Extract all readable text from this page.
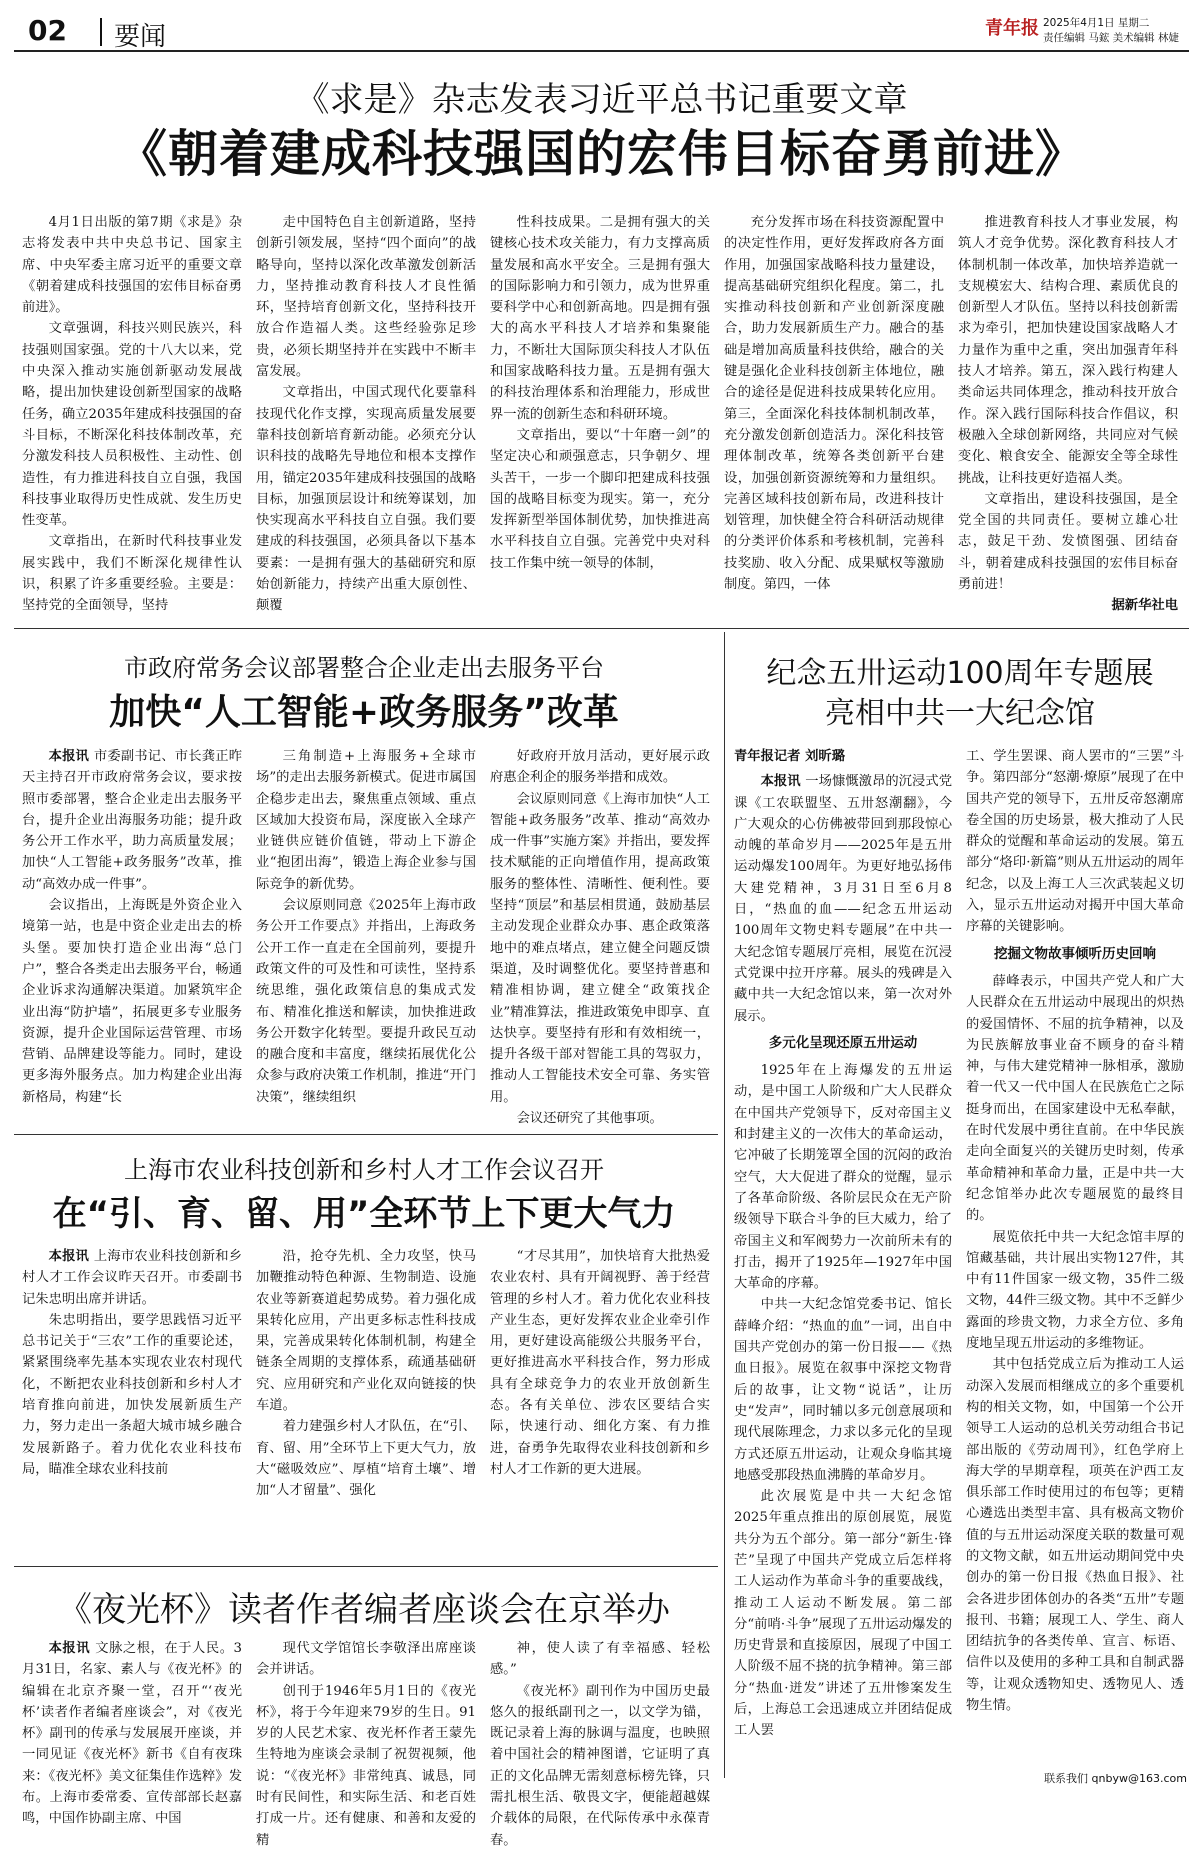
02 要闻	青年报 2025年4月1日 星期二
责任编辑 马鋐 美术编辑 林婕
《求是》杂志发表习近平总书记重要文章
《朝着建成科技强国的宏伟目标奋勇前进》

4月1日出版的第7期《求是》杂志将发表中共中央总书记、国家主席、中央军委主席习近平的重要文章《朝着建成科技强国的宏伟目标奋勇前进》。

文章强调，科技兴则民族兴，科技强则国家强。党的十八大以来，党中央深入推动实施创新驱动发展战略，提出加快建设创新型国家的战略任务，确立2035年建成科技强国的奋斗目标，不断深化科技体制改革，充分激发科技人员积极性、主动性、创造性，有力推进科技自立自强，我国科技事业取得历史性成就、发生历史性变革。

文章指出，在新时代科技事业发展实践中，我们不断深化规律性认识，积累了许多重要经验。主要是：坚持党的全面领导，坚持

走中国特色自主创新道路，坚持创新引领发展，坚持“四个面向”的战略导向，坚持以深化改革激发创新活力，坚持推动教育科技人才良性循环，坚持培育创新文化，坚持科技开放合作造福人类。这些经验弥足珍贵，必须长期坚持并在实践中不断丰富发展。

文章指出，中国式现代化要靠科技现代化作支撑，实现高质量发展要靠科技创新培育新动能。必须充分认识科技的战略先导地位和根本支撑作用，锚定2035年建成科技强国的战略目标，加强顶层设计和统筹谋划，加快实现高水平科技自立自强。我们要建成的科技强国，必须具备以下基本要素：一是拥有强大的基础研究和原始创新能力，持续产出重大原创性、颠覆

性科技成果。二是拥有强大的关键核心技术攻关能力，有力支撑高质量发展和高水平安全。三是拥有强大的国际影响力和引领力，成为世界重要科学中心和创新高地。四是拥有强大的高水平科技人才培养和集聚能力，不断壮大国际顶尖科技人才队伍和国家战略科技力量。五是拥有强大的科技治理体系和治理能力，形成世界一流的创新生态和科研环境。

文章指出，要以“十年磨一剑”的坚定决心和顽强意志，只争朝夕、埋头苦干，一步一个脚印把建成科技强国的战略目标变为现实。第一，充分发挥新型举国体制优势，加快推进高水平科技自立自强。完善党中央对科技工作集中统一领导的体制，

充分发挥市场在科技资源配置中的决定性作用，更好发挥政府各方面作用，加强国家战略科技力量建设，提高基础研究组织化程度。第二，扎实推动科技创新和产业创新深度融合，助力发展新质生产力。融合的基础是增加高质量科技供给，融合的关键是强化企业科技创新主体地位，融合的途径是促进科技成果转化应用。第三，全面深化科技体制机制改革，充分激发创新创造活力。深化科技管理体制改革，统筹各类创新平台建设，加强创新资源统筹和力量组织。完善区域科技创新布局，改进科技计划管理，加快健全符合科研活动规律的分类评价体系和考核机制，完善科技奖励、收入分配、成果赋权等激励制度。第四，一体

推进教育科技人才事业发展，构筑人才竞争优势。深化教育科技人才体制机制一体改革，加快培养造就一支规模宏大、结构合理、素质优良的创新型人才队伍。坚持以科技创新需求为牵引，把加快建设国家战略人才力量作为重中之重，突出加强青年科技人才培养。第五，深入践行构建人类命运共同体理念，推动科技开放合作。深入践行国际科技合作倡议，积极融入全球创新网络，共同应对气候变化、粮食安全、能源安全等全球性挑战，让科技更好造福人类。

文章指出，建设科技强国，是全党全国的共同责任。要树立雄心壮志，鼓足干劲、发愤图强、团结奋斗，朝着建成科技强国的宏伟目标奋勇前进！

据新华社电
市政府常务会议部署整合企业走出去服务平台
加快“人工智能+政务服务”改革

本报讯 市委副书记、市长龚正昨天主持召开市政府常务会议，要求按照市委部署，整合企业走出去服务平台，提升企业出海服务功能；提升政务公开工作水平，助力高质量发展；加快“人工智能+政务服务”改革，推动“高效办成一件事”。

会议指出，上海既是外资企业入境第一站，也是中资企业走出去的桥头堡。要加快打造企业出海“总门户”，整合各类走出去服务平台，畅通企业诉求沟通解决渠道。加紧筑牢企业出海“防护墙”，拓展更多专业服务资源，提升企业国际运营管理、市场营销、品牌建设等能力。同时，建设更多海外服务点。加力构建企业出海新格局，构建“长

三角制造+上海服务+全球市场”的走出去服务新模式。促进市属国企稳步走出去，聚焦重点领域、重点区域加大投资布局，深度嵌入全球产业链供应链价值链，带动上下游企业“抱团出海”，锻造上海企业参与国际竞争的新优势。

会议原则同意《2025年上海市政务公开工作要点》并指出，上海政务公开工作一直走在全国前列，要提升政策文件的可及性和可读性，坚持系统思维，强化政策信息的集成式发布、精准化推送和解读，加快推进政务公开数字化转型。要提升政民互动的融合度和丰富度，继续拓展优化公众参与政府决策工作机制，推进“开门决策”，继续组织

好政府开放月活动，更好展示政府惠企利企的服务举措和成效。

会议原则同意《上海市加快“人工智能+政务服务”改革、推动“高效办成一件事”实施方案》并指出，要发挥技术赋能的正向增值作用，提高政策服务的整体性、清晰性、便利性。要坚持“顶层”和基层相贯通，鼓励基层主动发现企业群众办事、惠企政策落地中的难点堵点，建立健全问题反馈渠道，及时调整优化。要坚持普惠和精准相协调，建立健全“政策找企业”精准算法，推进政策免申即享、直达快享。要坚持有形和有效相统一，提升各级干部对智能工具的驾驭力，推动人工智能技术安全可靠、务实管用。

会议还研究了其他事项。

上海市农业科技创新和乡村人才工作会议召开
在“引、育、留、用”全环节上下更大气力

本报讯 上海市农业科技创新和乡村人才工作会议昨天召开。市委副书记朱忠明出席并讲话。

朱忠明指出，要学思践悟习近平总书记关于“三农”工作的重要论述，紧紧围绕率先基本实现农业农村现代化，不断把农业科技创新和乡村人才培育推向前进，加快发展新质生产力，努力走出一条超大城市城乡融合发展新路子。着力优化农业科技布局，瞄准全球农业科技前

沿，抢夺先机、全力攻坚，快马加鞭推动特色种源、生物制造、设施农业等新赛道起势成势。着力强化成果转化应用，产出更多标志性科技成果，完善成果转化体制机制，构建全链条全周期的支撑体系，疏通基础研究、应用研究和产业化双向链接的快车道。

着力建强乡村人才队伍，在“引、育、留、用”全环节上下更大气力，放大“磁吸效应”、厚植“培育土壤”、增加“人才留量”、强化

“才尽其用”，加快培育大批热爱农业农村、具有开阔视野、善于经营管理的乡村人才。着力优化农业科技产业生态，更好发挥农业企业牵引作用，更好建设高能级公共服务平台，更好推进高水平科技合作，努力形成具有全球竞争力的农业开放创新生态。各有关单位、涉农区要结合实际，快速行动、细化方案、有力推进，奋勇争先取得农业科技创新和乡村人才工作新的更大进展。

《夜光杯》读者作者编者座谈会在京举办

本报讯 文脉之根，在于人民。3月31日，名家、素人与《夜光杯》的编辑在北京齐聚一堂，召开“‘夜光杯’读者作者编者座谈会”，对《夜光杯》副刊的传承与发展展开座谈，并一同见证《夜光杯》新书《自有夜珠来：《夜光杯》美文征集佳作选粹》发布。上海市委常委、宣传部部长赵嘉鸣，中国作协副主席、中国

现代文学馆馆长李敬泽出席座谈会并讲话。

创刊于1946年5月1日的《夜光杯》，将于今年迎来79岁的生日。91岁的人民艺术家、夜光杯作者王蒙先生特地为座谈会录制了祝贺视频，他说：“《夜光杯》非常纯真、诚恳，同时有民间性，和实际生活、和老百姓打成一片。还有健康、和善和友爱的精

神，使人读了有幸福感、轻松感。”

《夜光杯》副刊作为中国历史最悠久的报纸副刊之一，以文学为锚，既记录着上海的脉调与温度，也映照着中国社会的精神图谱，它证明了真正的文化品牌无需刻意标榜先锋，只需扎根生活、敬畏文字，便能超越媒介载体的局限，在代际传承中永葆青春。

纪念五卅运动100周年专题展
亮相中共一大纪念馆

青年报记者 刘昕璐

本报讯 一场慷慨激昂的沉浸式党课《工农联盟坚、五卅怒潮翻》，今广大观众的心仿佛被带回到那段惊心动魄的革命岁月——2025年是五卅运动爆发100周年。为更好地弘扬伟大建党精神，3月31日至6月8日，“热血的血——纪念五卅运动100周年文物史料专题展”在中共一大纪念馆专题展厅亮相，展览在沉浸式党课中拉开序幕。展头的残碑是入藏中共一大纪念馆以来，第一次对外展示。

多元化呈现还原五卅运动

1925年在上海爆发的五卅运动，是中国工人阶级和广大人民群众在中国共产党领导下，反对帝国主义和封建主义的一次伟大的革命运动，它冲破了长期笼罩全国的沉闷的政治空气，大大促进了群众的觉醒，显示了各革命阶级、各阶层民众在无产阶级领导下联合斗争的巨大威力，给了帝国主义和军阀势力一次前所未有的打击，揭开了1925年—1927年中国大革命的序幕。

中共一大纪念馆党委书记、馆长薛峰介绍：“热血的血”一词，出自中国共产党创办的第一份日报——《热血日报》。展览在叙事中深挖文物背后的故事，让文物“说话”，让历史“发声”，同时辅以多元创意展项和现代展陈理念，力求以多元化的呈现方式还原五卅运动，让观众身临其境地感受那段热血沸腾的革命岁月。

此次展览是中共一大纪念馆2025年重点推出的原创展览，展览共分为五个部分。第一部分“新生·锋芒”呈现了中国共产党成立后怎样将工人运动作为革命斗争的重要战线，推动工人运动不断发展。第二部分“前哨·斗争”展现了五卅运动爆发的历史背景和直接原因，展现了中国工人阶级不屈不挠的抗争精神。第三部分“热血·迸发”讲述了五卅惨案发生后，上海总工会迅速成立并团结促成工人罢

工、学生罢课、商人罢市的“三罢”斗争。第四部分“怒潮·燎原”展现了在中国共产党的领导下，五卅反帝怒潮席卷全国的历史场景，极大推动了人民群众的觉醒和革命运动的发展。第五部分“烙印·新篇”则从五卅运动的周年纪念，以及上海工人三次武装起义切入，显示五卅运动对揭开中国大革命序幕的关键影响。

挖掘文物故事倾听历史回响

薛峰表示，中国共产党人和广大人民群众在五卅运动中展现出的炽热的爱国情怀、不屈的抗争精神，以及为民族解放事业奋不顾身的奋斗精神，与伟大建党精神一脉相承，激励着一代又一代中国人在民族危亡之际挺身而出，在国家建设中无私奉献，在时代发展中勇往直前。在中华民族走向全面复兴的关键历史时刻，传承革命精神和革命力量，正是中共一大纪念馆举办此次专题展览的最终目的。

展览依托中共一大纪念馆丰厚的馆藏基础，共计展出实物127件，其中有11件国家一级文物，35件二级文物，44件三级文物。其中不乏鲜少露面的珍贵文物，力求全方位、多角度地呈现五卅运动的多维物证。

其中包括党成立后为推动工人运动深入发展而相继成立的多个重要机构的相关文物，如，中国第一个公开领导工人运动的总机关劳动组合书记部出版的《劳动周刊》，红色学府上海大学的早期章程，项英在沪西工友俱乐部工作时使用过的布包等；更精心遴选出类型丰富、具有极高文物价值的与五卅运动深度关联的数量可观的文物文献，如五卅运动期间党中央创办的第一份日报《热血日报》、社会各进步团体创办的各类“五卅”专题报刊、书籍；展现工人、学生、商人团结抗争的各类传单、宣言、标语、信件以及使用的多种工具和自制武器等，让观众透物知史、透物见人、透物生情。

联系我们 qnbyw@163.com
